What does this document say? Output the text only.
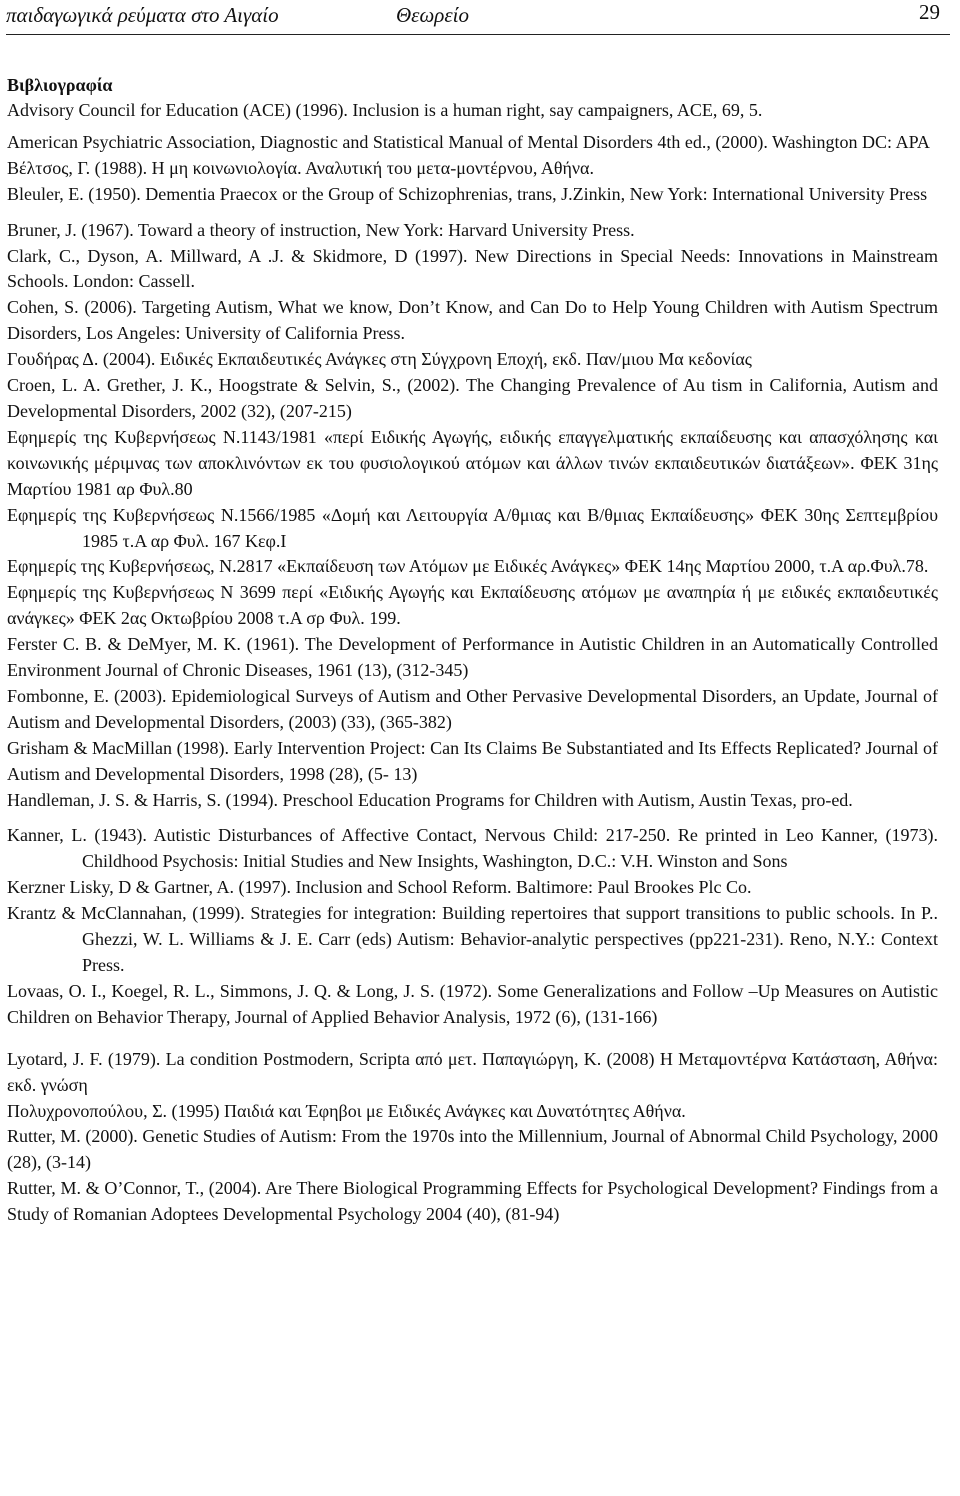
παιδαγωγικά ρεύματα στο Αιγαίο	Θεωρείο	29

Βιβλιογραφία

Advisory Council for Education (ACE) (1996). Inclusion is a human right, say campaigners, ACE, 69, 5.

American Psychiatric Association, Diagnostic and Statistical Manual of Mental Disorders 4th ed., (2000). Washington DC: APA

Βέλτσος, Γ. (1988). Η μη κοινωνιολογία. Αναλυτική του μετα-μοντέρνου, Αθήνα.

Bleuler, E. (1950). Dementia Praecox or the Group of Schizophrenias, trans, J.Zinkin, New York: International University Press

Bruner, J. (1967). Toward a theory of instruction, New York: Harvard University Press.

Clark, C., Dyson, A. Millward, A .J. & Skidmore, D (1997). New Directions in Special Needs: Innovations in Mainstream Schools. London: Cassell.

Cohen, S. (2006). Targeting Autism, What we know, Don’t Know, and Can Do to Help Young Children with Autism Spectrum Disorders, Los Angeles: University of California Press.

Γουδήρας Δ. (2004). Ειδικές Εκπαιδευτικές Ανάγκες στη Σύγχρονη Εποχή, εκδ. Παν/μιου Μα κεδονίας

Croen, L. A. Grether, J. K., Hoogstrate & Selvin, S., (2002). The Changing Prevalence of Au tism in California, Autism and Developmental Disorders, 2002 (32), (207-215)

Εφημερίς της Κυβερνήσεως Ν.1143/1981 «περί Ειδικής Αγωγής, ειδικής επαγγελματικής εκπαίδευσης και απασχόλησης και κοινωνικής μέριμνας των αποκλινόντων εκ του φυσιολογικού ατόμων και άλλων τινών εκπαιδευτικών διατάξεων». ΦΕΚ 31ης Μαρτίου 1981 αρ Φυλ.80

Εφημερίς της Κυβερνήσεως Ν.1566/1985 «Δομή και Λειτουργία Α/θμιας και Β/θμιας Εκπαίδευσης» ΦΕΚ 30ης Σεπτεμβρίου 1985 τ.Α αρ Φυλ. 167 Κεφ.Ι

Εφημερίς της Κυβερνήσεως, Ν.2817 «Εκπαίδευση των Ατόμων με Ειδικές Ανάγκες» ΦΕΚ 14ης Μαρτίου 2000, τ.Α αρ.Φυλ.78.

Εφημερίς της Κυβερνήσεως Ν 3699 περί «Ειδικής Αγωγής και Εκπαίδευσης ατόμων με αναπηρία ή με ειδικές εκπαιδευτικές ανάγκες» ΦΕΚ 2ας Οκτωβρίου 2008 τ.Α σρ Φυλ. 199.

Ferster C. B. & DeMyer, M. K. (1961). The Development of Performance in Autistic Children in an Automatically Controlled Environment Journal of Chronic Diseases, 1961 (13), (312-345)

Fombonne, E. (2003). Epidemiological Surveys of Autism and Other Pervasive Developmental Disorders, an Update, Journal of Autism and Developmental Disorders, (2003) (33), (365-382)

Grisham & MacMillan (1998). Early Intervention Project: Can Its Claims Be Substantiated and Its Effects Replicated? Journal of Autism and Developmental Disorders, 1998 (28), (5- 13)

Handleman, J. S. & Harris, S. (1994). Preschool Education Programs for Children with Autism, Austin Texas, pro-ed.

Kanner, L. (1943). Autistic Disturbances of Affective Contact, Nervous Child: 217-250. Re printed in Leo Kanner, (1973). Childhood Psychosis: Initial Studies and New Insights, Washington, D.C.: V.H. Winston and Sons

Kerzner Lisky, D & Gartner, A. (1997). Inclusion and School Reform. Baltimore: Paul Brookes Plc Co.

Krantz & McClannahan, (1999). Strategies for integration: Building repertoires that support transitions to public schools. In P.. Ghezzi, W. L. Williams & J. E. Carr (eds) Autism: Behavior-analytic perspectives (pp221-231). Reno, N.Y.: Context Press.

Lovaas, O. I., Koegel, R. L., Simmons, J. Q. & Long, J. S. (1972). Some Generalizations and Follow –Up Measures on Autistic Children on Behavior Therapy, Journal of Applied Behavior Analysis, 1972 (6), (131-166)

Lyotard, J. F. (1979). La condition Postmodern, Scripta από μετ. Παπαγιώργη, Κ. (2008) Η Μεταμοντέρνα Κατάσταση, Αθήνα: εκδ. γνώση

Πολυχρονοπούλου, Σ. (1995) Παιδιά και Έφηβοι με Ειδικές Ανάγκες και Δυνατότητες Αθήνα.

Rutter, M. (2000). Genetic Studies of Autism: From the 1970s into the Millennium, Journal of Abnormal Child Psychology, 2000 (28), (3-14)

Rutter, M. & O’Connor, T., (2004). Are There Biological Programming Effects for Psychological Development? Findings from a Study of Romanian Adoptees Developmental Psychology 2004 (40), (81-94)
